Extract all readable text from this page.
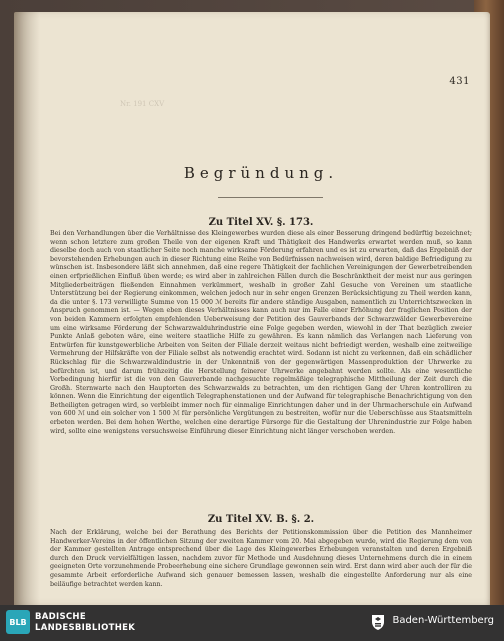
431
Nr. 191 CXV
Begründung.
Zu Titel XV. §. 173.
Bei den Verhandlungen über die Verhältnisse des Kleingewerbes wurden diese als einer Besserung dringend bedürftig bezeichnet; wenn schon letztere zum großen Theile von der eigenen Kraft und Thätigkeit des Handwerks erwartet werden muß, so kann dieselbe doch auch von staatlicher Seite noch manche wirksame Förderung erfahren und es ist zu erwarten, daß das Ergebniß der bevorstehenden Erhebungen auch in dieser Richtung eine Reihe von Bedürfnissen nachweisen wird, deren baldige Befriedigung zu wünschen ist. Insbesondere läßt sich annehmen, daß eine regere Thätigkeit der fachlichen Vereinigungen der Gewerbetreibenden einen erfprießlichen Einfluß üben werde; es wird aber in zahlreichen Fällen durch die Beschränktheit der meist nur aus geringen Mitgliederbeiträgen fließenden Einnahmen verkümmert, weshalb in großer Zahl Gesuche von Vereinen um staatliche Unterstützung bei der Regierung einkommen, welchen jedoch nur in sehr engen Grenzen Berücksichtigung zu Theil werden kann, da die unter §. 173 verwilligte Summe von 15 000 ℳ bereits für andere ständige Ausgaben, namentlich zu Unterrichtszwecken in Anspruch genommen ist. — Wegen eben dieses Verhältnisses kann auch nur im Falle einer Erhöhung der fraglichen Position der von beiden Kammern erfolgten empfehlenden Ueberweisung der Petition des Gauverbands der Schwarzwälder Gewerbevereine um eine wirksame Förderung der Schwarzwalduhrindustrie eine Folge gegeben werden, wiewohl in der That bezüglich zweier Punkte Anlaß geboten wäre, eine weitere staatliche Hilfe zu gewähren. Es kann nämlich das Verlangen nach Lieferung von Entwürfen für kunstgewerbliche Arbeiten von Seiten der Filiale derzeit weitaus nicht befriedigt werden, weshalb eine zeitweilige Vermehrung der Hilfskräfte von der Filiale selbst als notwendig erachtet wird. Sodann ist nicht zu verkennen, daß ein schädlicher Rückschlag für die Schwarzwaldindustrie in der Unkenntniß von der gegenwärtigen Massenproduktion der Uhrwerke zu befürchten ist, und darum frühzeitig die Herstellung feinerer Uhrwerke angebahnt werden sollte. Als eine wesentliche Vorbedingung hierfür ist die von den Gauverbande nachgesuchte regelmäßige telegraphische Mittheilung der Zeit durch die Großh. Sternwarte nach den Hauptorten des Schwarzwalds zu betrachten, um den richtigen Gang der Uhren kontrolliren zu können. Wenn die Einrichtung der eigentlich Telegraphenstationen und der Aufwand für telegraphische Benachrichtigung von den Betheiligten getragen wird, so verbleibt immer noch für einmalige Einrichtungen daher und in der Uhrmacherschule ein Aufwand von 600 ℳ und ein solcher von 1 500 ℳ für persönliche Vergütungen zu bestreiten, wofür nur die Ueberschüsse aus Staatsmitteln erbeten werden. Bei dem hohen Werthe, welchen eine derartige Fürsorge für die Gestaltung der Uhrenindustrie zur Folge haben wird, sollte eine wenigstens versuchsweise Einführung dieser Einrichtung nicht länger verschoben werden.
Zu Titel XV. B. §. 2.
Nach der Erklärung, welche bei der Berathung des Berichts der Petitionskommission über die Petition des Mannheimer Handwerker-Vereins in der öffentlichen Sitzung der zweiten Kammer vom 20. Mai abgegeben wurde, wird die Regierung dem von der Kammer gestellten Antrage entsprechend über die Lage des Kleingewerbes Erhebungen veranstalten und deren Ergebniß durch den Druck vervielfältigen lassen, nachdem zuvor für Methode und Ausdehnung dieses Unternehmens durch die in einem geeigneten Orte vorzunehmende Probeerhebung eine sichere Grundlage gewonnen sein wird. Erst dann wird aber auch der für die gesammte Arbeit erforderliche Aufwand sich genauer bemessen lassen, weshalb die eingestellte Anforderung nur als eine beiläufige betrachtet werden kann.
BLB BADISCHE
LANDESBIBLIOTHEK
Baden-Württemberg
